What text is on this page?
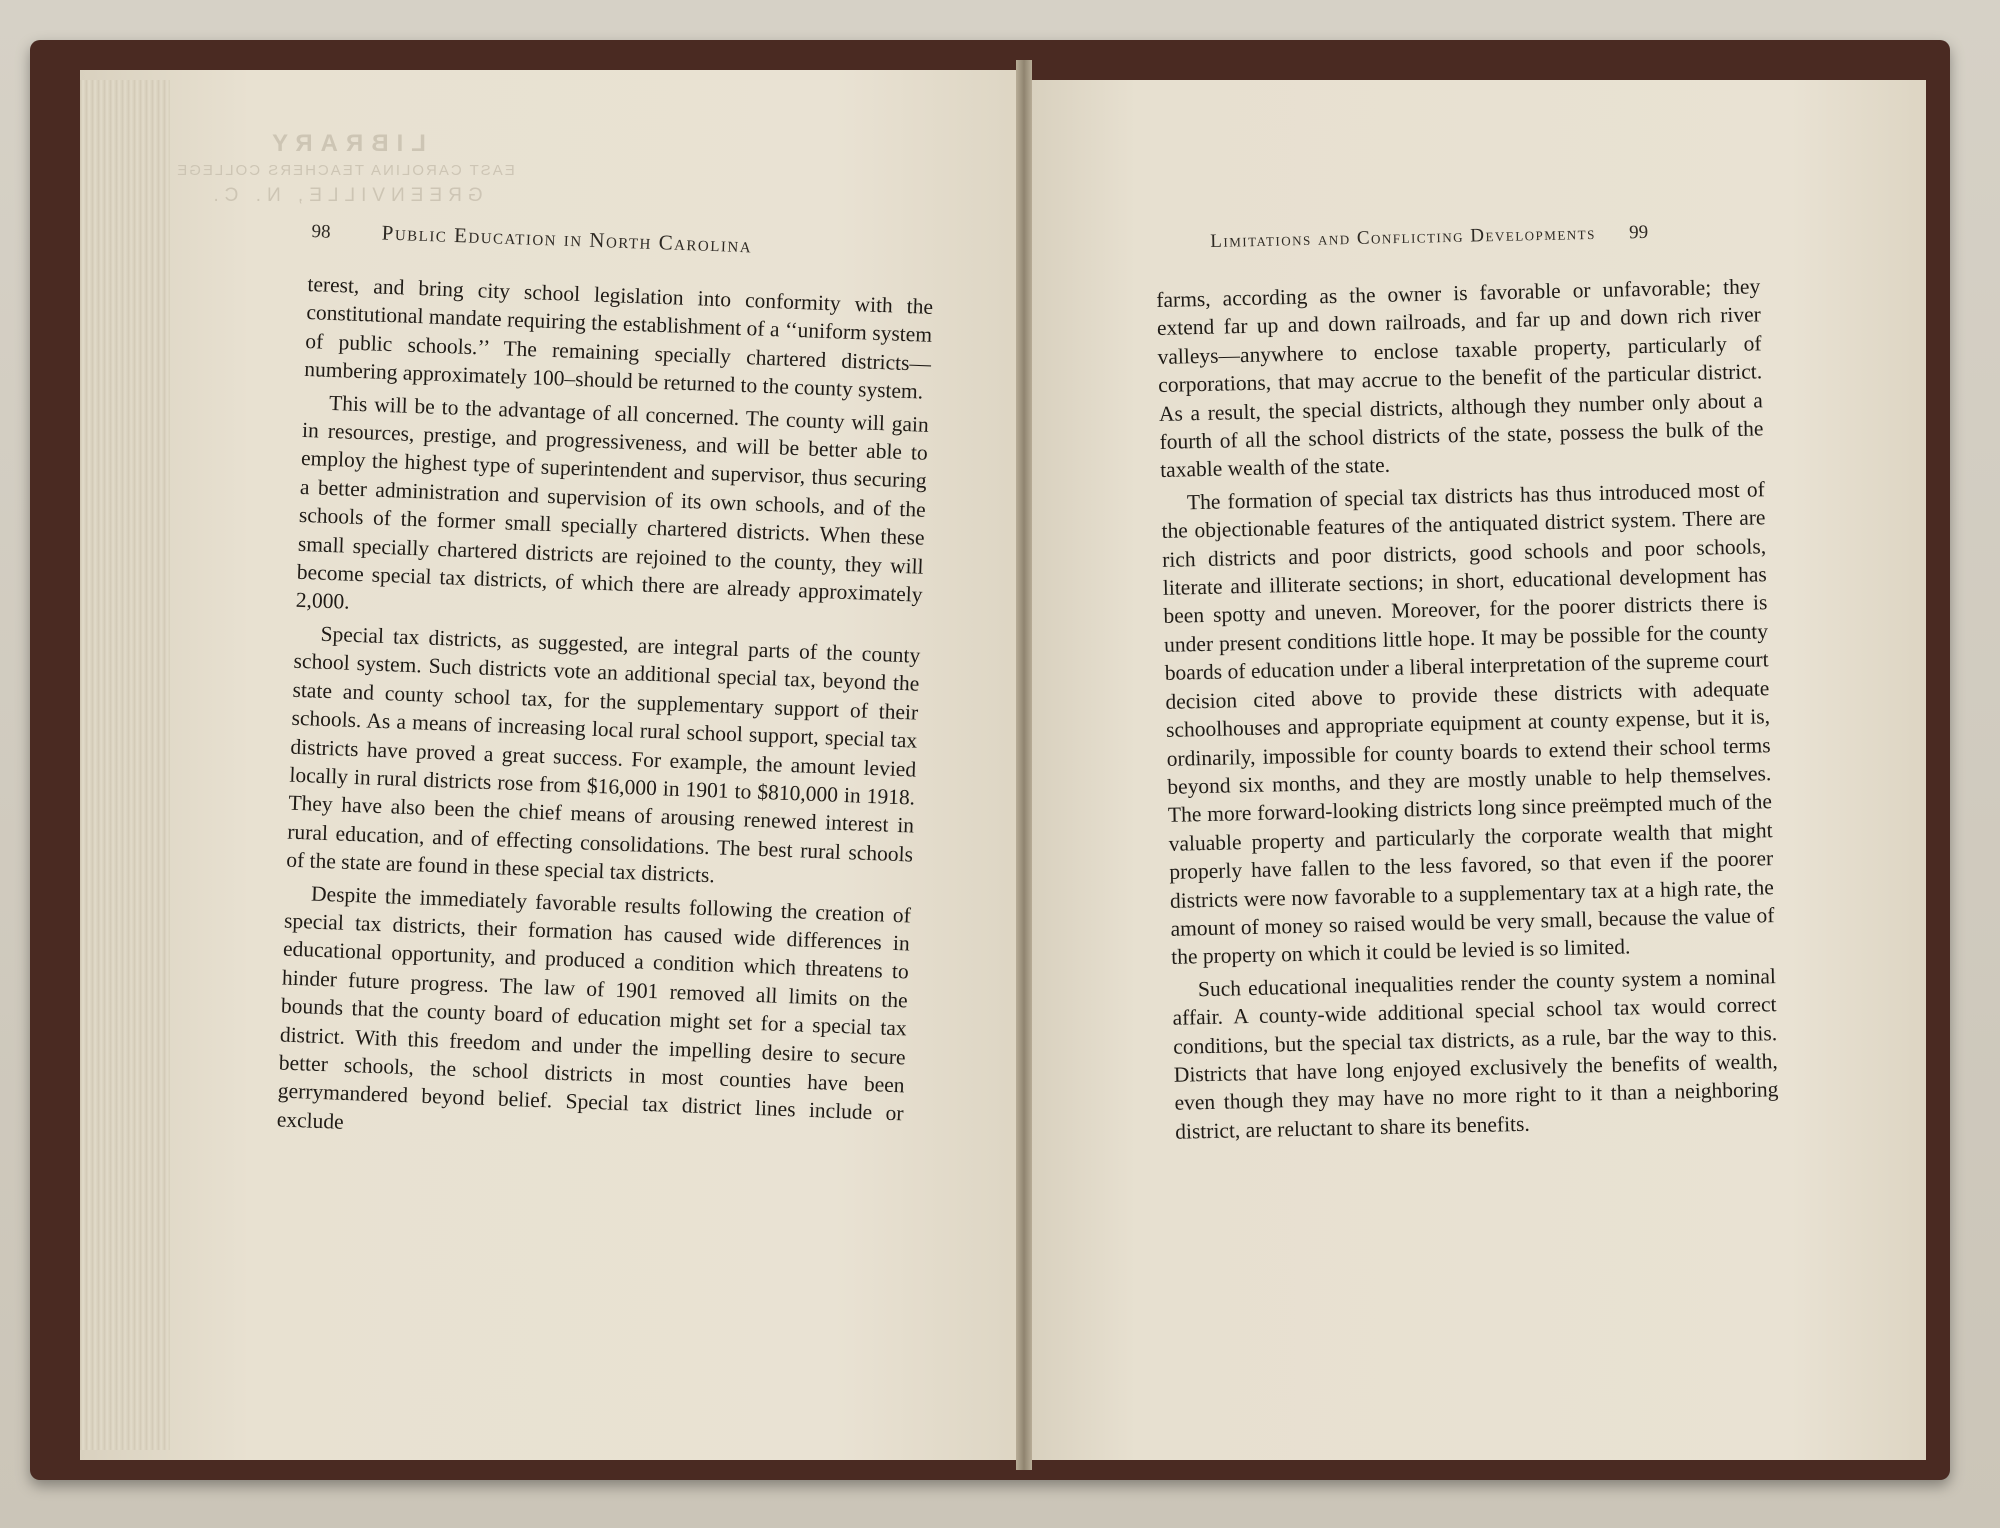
98 Public Education in North Carolina

terest, and bring city school legislation into conformity with the constitutional mandate requiring the establishment of a ‘‘uniform system of public schools.’’ The remaining specially chartered districts—numbering approximately 100–should be returned to the county system.

This will be to the advantage of all concerned. The county will gain in resources, prestige, and progressiveness, and will be better able to employ the highest type of superintendent and supervisor, thus securing a better administration and supervision of its own schools, and of the schools of the former small specially chartered districts. When these small specially chartered districts are rejoined to the county, they will become special tax districts, of which there are already approximately 2,000.

Special tax districts, as suggested, are integral parts of the county school system. Such districts vote an additional special tax, beyond the state and county school tax, for the supplementary support of their schools. As a means of increasing local rural school support, special tax districts have proved a great success. For example, the amount levied locally in rural districts rose from $16,000 in 1901 to $810,000 in 1918. They have also been the chief means of arousing renewed interest in rural education, and of effecting consolidations. The best rural schools of the state are found in these special tax districts.

Despite the immediately favorable results following the creation of special tax districts, their formation has caused wide differences in educational opportunity, and produced a condition which threatens to hinder future progress. The law of 1901 removed all limits on the bounds that the county board of education might set for a special tax district. With this freedom and under the impelling desire to secure better schools, the school districts in most counties have been gerrymandered beyond belief. Special tax district lines include or exclude

LIBRARY
EAST CAROLINA TEACHERS COLLEGE
GREENVILLE, N. C.
Limitations and Conflicting Developments 99

farms, according as the owner is favorable or unfavorable; they extend far up and down railroads, and far up and down rich river valleys—anywhere to enclose taxable property, particularly of corporations, that may accrue to the benefit of the particular district. As a result, the special districts, although they number only about a fourth of all the school districts of the state, possess the bulk of the taxable wealth of the state.

The formation of special tax districts has thus introduced most of the objectionable features of the antiquated district system. There are rich districts and poor districts, good schools and poor schools, literate and illiterate sections; in short, educational development has been spotty and uneven. Moreover, for the poorer districts there is under present conditions little hope. It may be possible for the county boards of education under a liberal interpretation of the supreme court decision cited above to provide these districts with adequate schoolhouses and appropriate equipment at county expense, but it is, ordinarily, impossible for county boards to extend their school terms beyond six months, and they are mostly unable to help themselves. The more forward-looking districts long since preëmpted much of the valuable property and particularly the corporate wealth that might properly have fallen to the less favored, so that even if the poorer districts were now favorable to a supplementary tax at a high rate, the amount of money so raised would be very small, because the value of the property on which it could be levied is so limited.

Such educational inequalities render the county system a nominal affair. A county-wide additional special school tax would correct conditions, but the special tax districts, as a rule, bar the way to this. Districts that have long enjoyed exclusively the benefits of wealth, even though they may have no more right to it than a neighboring district, are reluctant to share its benefits.
